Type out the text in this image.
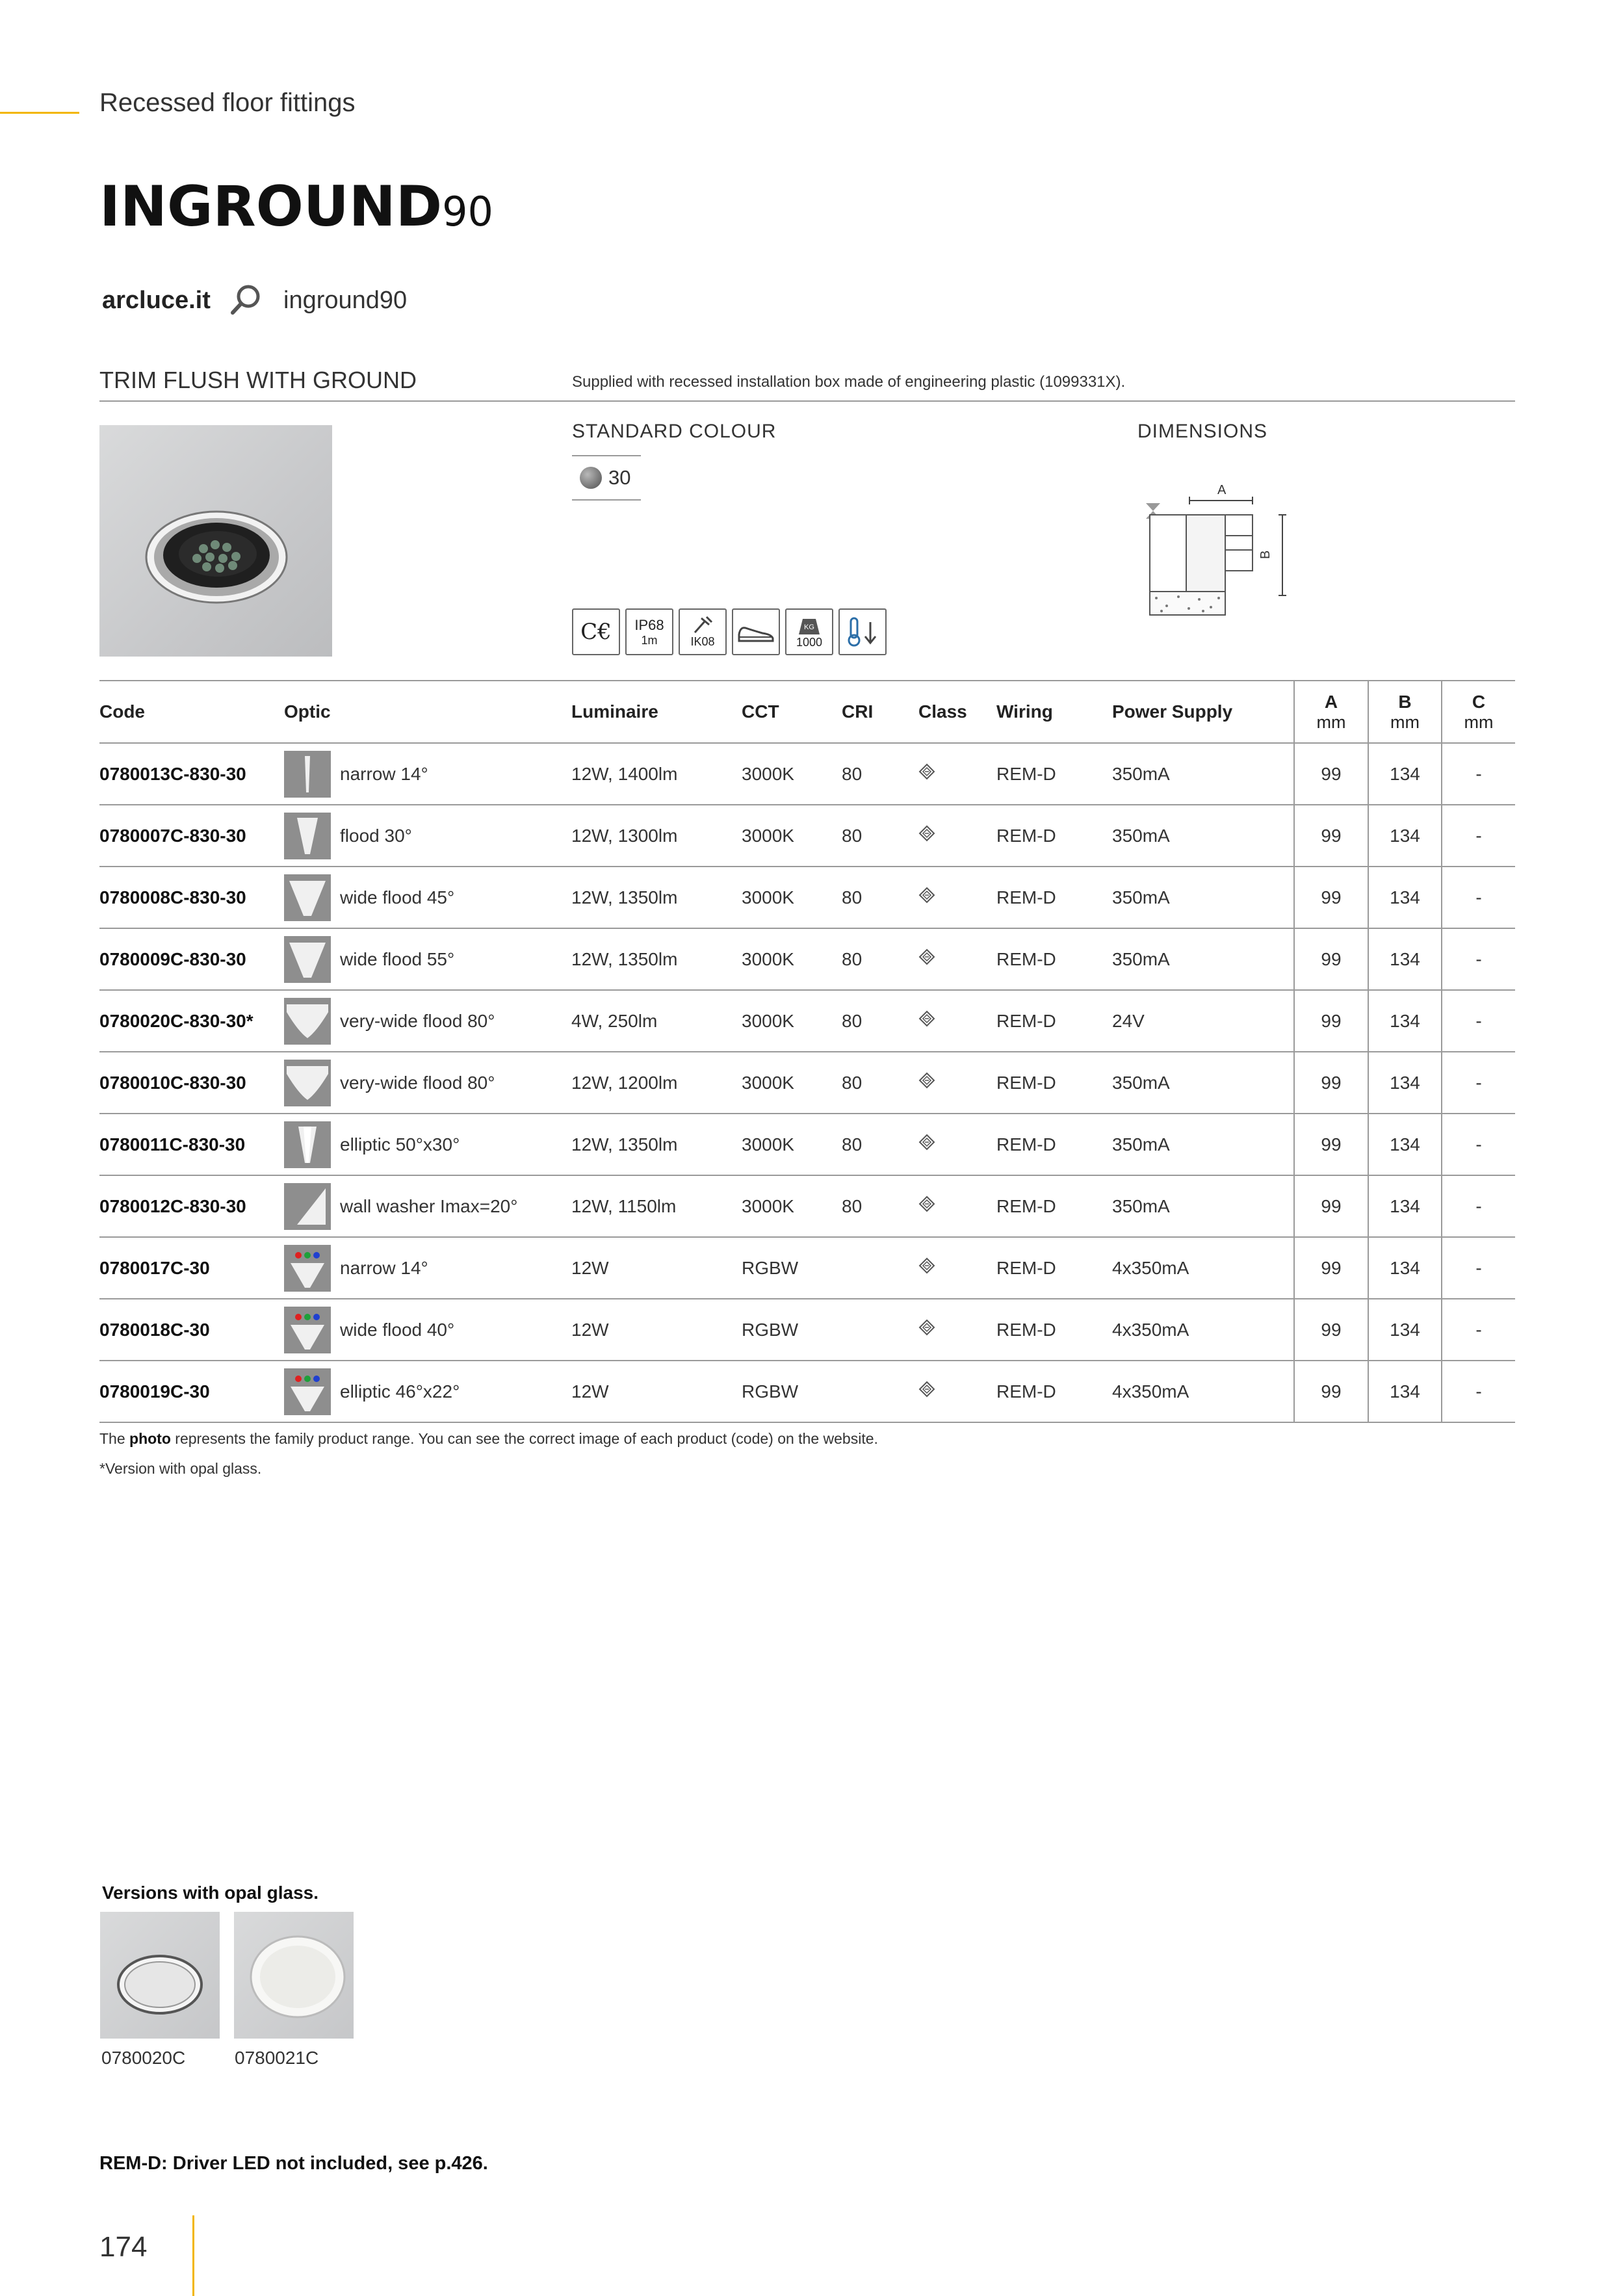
Recessed floor fittings
INGROUND90
arcluce.it	inground90
TRIM FLUSH WITH GROUND	Supplied with recessed installation box made of engineering plastic (1099331X).
STANDARD COLOUR
30
DIMENSIONS
A
B
C€ IP68
1m	IK08
KG
1000
Code	Optic	Luminaire	CCT	CRI	Class	Wiring	Power Supply	A
mm	B
mm	C
mm

0780013C-830-30	narrow 14°	12W, 1400lm	3000K	80		REM-D	350mA	99	134	-
0780007C-830-30	flood 30°	12W, 1300lm	3000K	80		REM-D	350mA	99	134	-
0780008C-830-30	wide flood 45°	12W, 1350lm	3000K	80		REM-D	350mA	99	134	-
0780009C-830-30	wide flood 55°	12W, 1350lm	3000K	80		REM-D	350mA	99	134	-
0780020C-830-30*	very-wide flood 80°	4W, 250lm	3000K	80		REM-D	24V	99	134	-
0780010C-830-30	very-wide flood 80°	12W, 1200lm	3000K	80		REM-D	350mA	99	134	-
0780011C-830-30	elliptic 50°x30°	12W, 1350lm	3000K	80		REM-D	350mA	99	134	-
0780012C-830-30	wall washer Imax=20°	12W, 1150lm	3000K	80		REM-D	350mA	99	134	-
0780017C-30	narrow 14°	12W	RGBW			REM-D	4x350mA	99	134	-
0780018C-30	wide flood 40°	12W	RGBW			REM-D	4x350mA	99	134	-
0780019C-30	elliptic 46°x22°	12W	RGBW			REM-D	4x350mA	99	134	-
The photo represents the family product range. You can see the correct image of each product (code) on the website.
*Version with opal glass.
Versions with opal glass.
0780020C	0780021C
REM-D: Driver LED not included, see p.426.
174
